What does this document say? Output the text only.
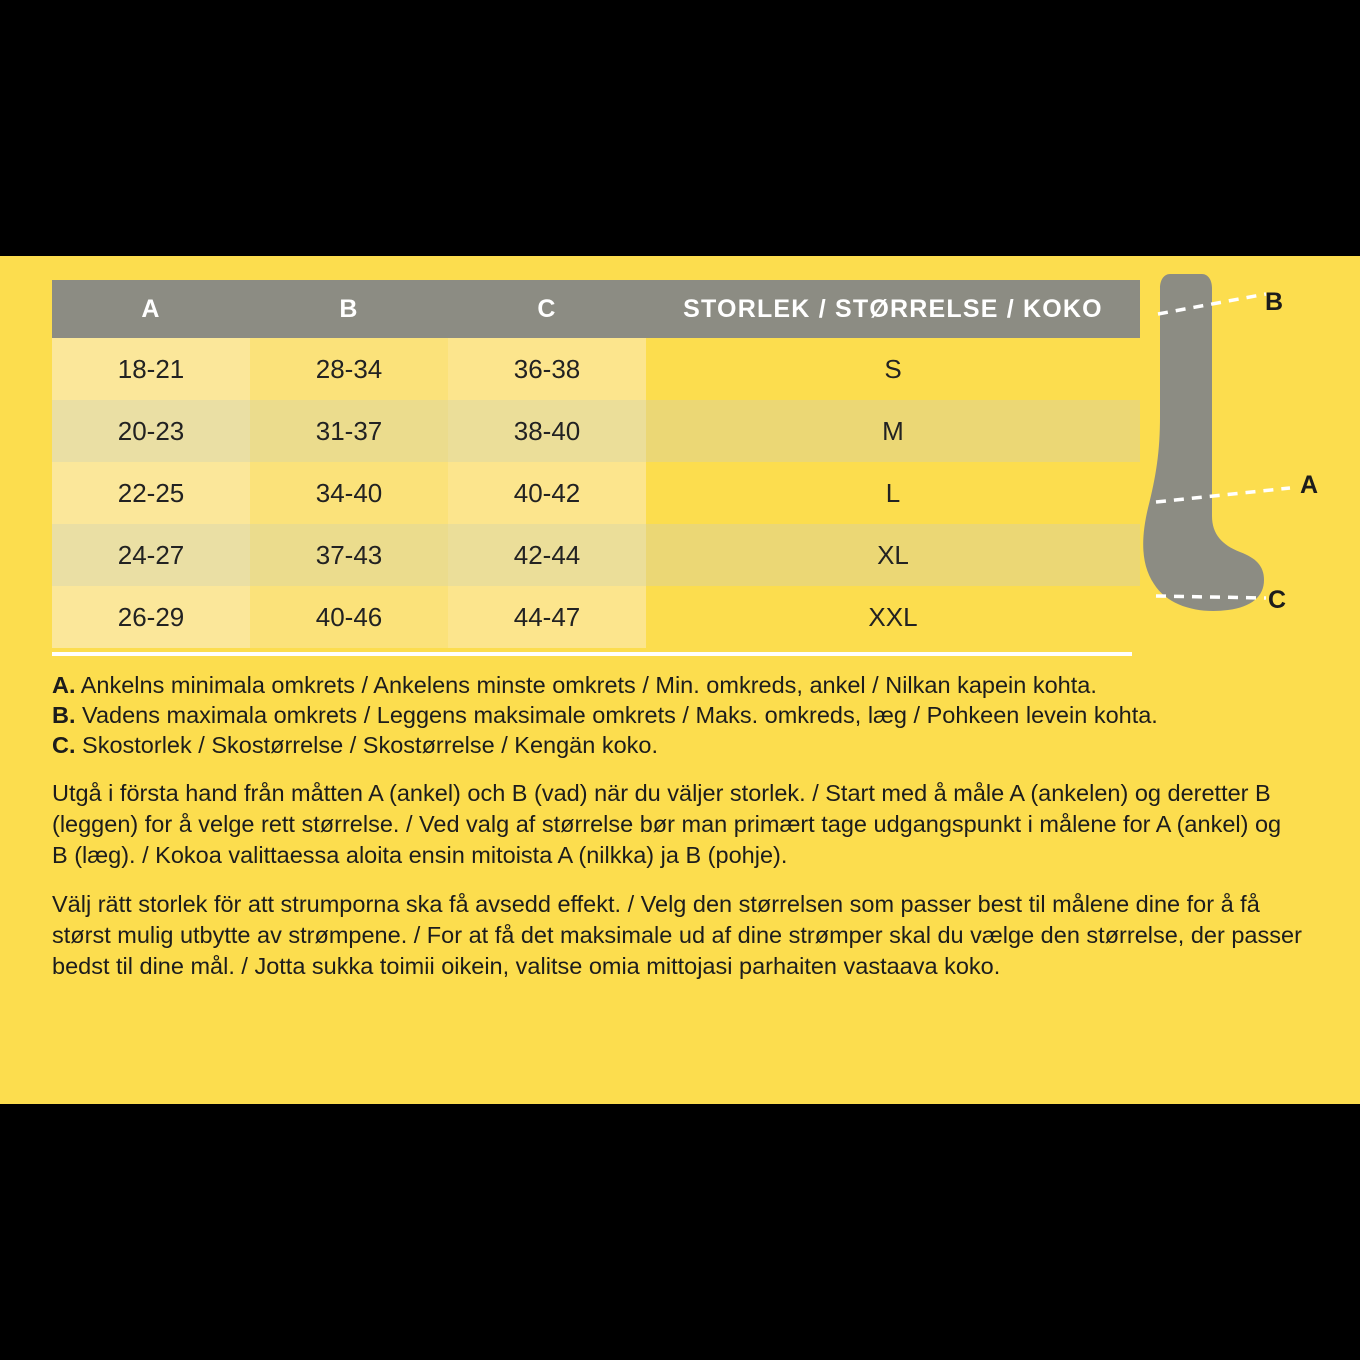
A	B	C	STORLEK / STØRRELSE / KOKO
18-21	28-34	36-38	S
20-23	31-37	38-40	M
22-25	34-40	40-42	L
24-27	37-43	42-44	XL
26-29	40-46	44-47	XXL
A. Ankelns minimala omkrets / Ankelens minste omkrets / Min. omkreds, ankel / Nilkan kapein kohta.
B. Vadens maximala omkrets / Leggens maksimale omkrets / Maks. omkreds, læg / Pohkeen levein kohta.
C. Skostorlek / Skostørrelse / Skostørrelse / Kengän koko.
Utgå i första hand från måtten A (ankel) och B (vad) när du väljer storlek. / Start med å måle A (ankelen) og deretter B (leggen) for å velge rett størrelse. / Ved valg af størrelse bør man primært tage udgangspunkt i målene for A (ankel) og B (læg). / Kokoa valittaessa aloita ensin mitoista A (nilkka) ja B (pohje).
Välj rätt storlek för att strumporna ska få avsedd effekt. / Velg den størrelsen som passer best til målene dine for å få størst mulig utbytte av strømpene. / For at få det maksimale ud af dine strømper skal du vælge den størrelse, der passer bedst til dine mål. / Jotta sukka toimii oikein, valitse omia mittojasi parhaiten vastaava koko.
B
A
C
